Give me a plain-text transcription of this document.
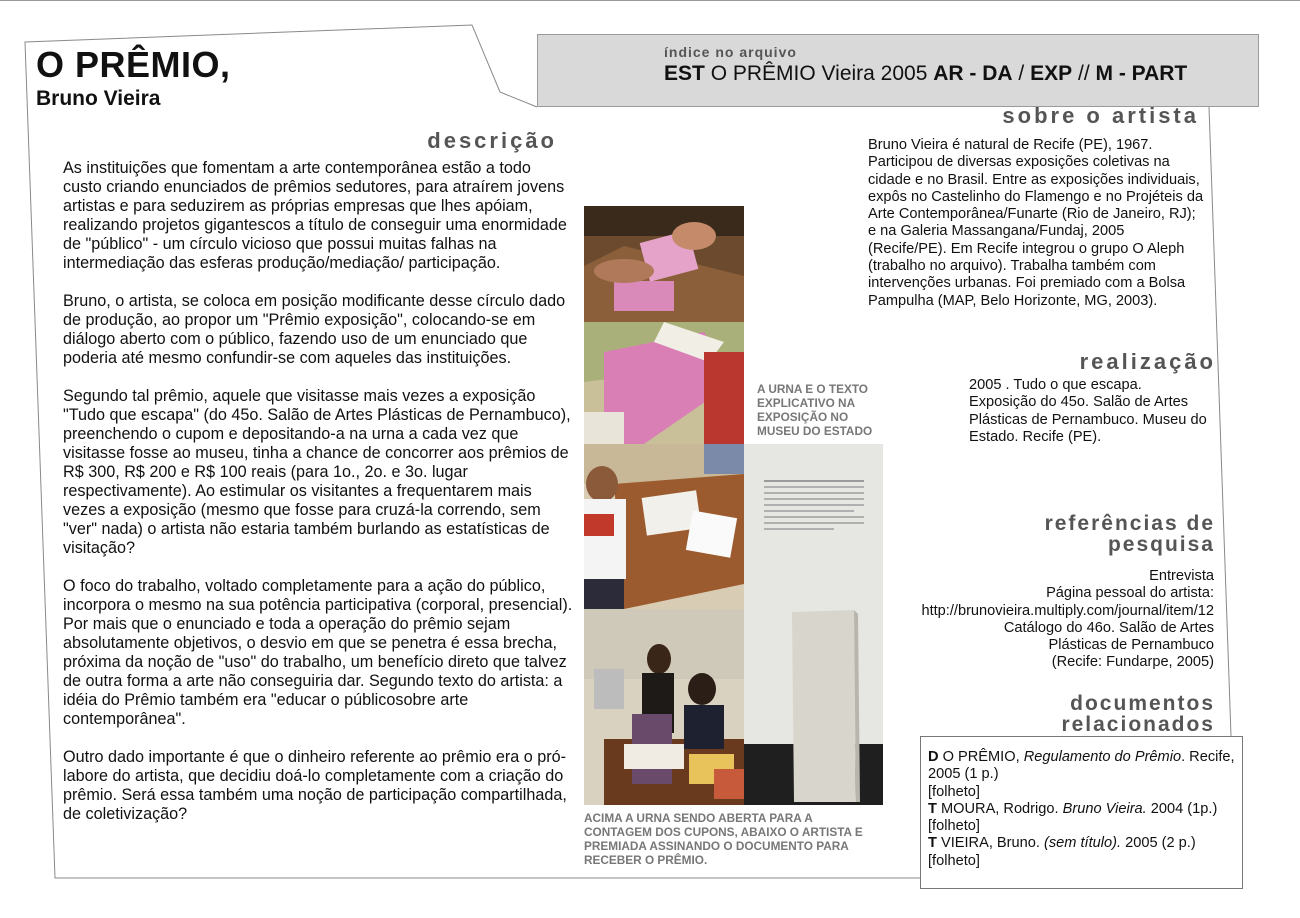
O PRÊMIO,
Bruno Vieira
índice no arquivo
EST O PRÊMIO Vieira 2005 AR - DA / EXP // M - PART
descrição

As instituições que fomentam a arte contemporânea estão a todo custo criando enunciados de prêmios sedutores, para atraírem jovens artistas e para seduzirem as próprias empresas que lhes apóiam, realizando projetos gigantescos a título de conseguir uma enormidade de "público" - um círculo vicioso que possui muitas falhas na intermediação das esferas produção/mediação/ participação.

Bruno, o artista, se coloca em posição modificante desse círculo dado de produção, ao propor um "Prêmio exposição", colocando-se em diálogo aberto com o público, fazendo uso de um enunciado que poderia até mesmo confundir-se com aqueles das instituições.

Segundo tal prêmio, aquele que visitasse mais vezes a exposição "Tudo que escapa" (do 45o. Salão de Artes Plásticas de Pernambuco), preenchendo o cupom e depositando-a na urna a cada vez que visitasse fosse ao museu, tinha a chance de concorrer aos prêmios de R$ 300, R$ 200 e R$ 100 reais (para 1o., 2o. e 3o. lugar respectivamente). Ao estimular os visitantes a frequentarem mais vezes a exposição (mesmo que fosse para cruzá-la correndo, sem "ver" nada) o artista não estaria também burlando as estatísticas de visitação?

O foco do trabalho, voltado completamente para a ação do público, incorpora o mesmo na sua potência participativa (corporal, presencial). Por mais que o enunciado e toda a operação do prêmio sejam absolutamente objetivos, o desvio em que se penetra é essa brecha, próxima da noção de "uso" do trabalho, um benefício direto que talvez de outra forma a arte não conseguiria dar. Segundo texto do artista: a idéia do Prêmio também era "educar o públicosobre arte contemporânea".

Outro dado importante é que o dinheiro referente ao prêmio era o pró-labore do artista, que decidiu doá-lo completamente com a criação do prêmio. Será essa também uma noção de participação compartilhada, de coletivização?

A URNA E O TEXTO EXPLICATIVO NA EXPOSIÇÃO NO MUSEU DO ESTADO
ACIMA A URNA SENDO ABERTA PARA A CONTAGEM DOS CUPONS, ABAIXO O ARTISTA E PREMIADA ASSINANDO O DOCUMENTO PARA RECEBER O PRÊMIO.
sobre o artista
Bruno Vieira é natural de Recife (PE), 1967. Participou de diversas exposições coletivas na cidade e no Brasil. Entre as exposições individuais, expôs no Castelinho do Flamengo e no Projéteis da Arte Contemporânea/Funarte (Rio de Janeiro, RJ); e na Galeria Massangana/Fundaj, 2005 (Recife/PE). Em Recife integrou o grupo O Aleph (trabalho no arquivo). Trabalha também com intervenções urbanas. Foi premiado com a Bolsa Pampulha (MAP, Belo Horizonte, MG, 2003).
realização
2005 . Tudo o que escapa. Exposição do 45o. Salão de Artes Plásticas de Pernambuco. Museu do Estado. Recife (PE).
referências de
pesquisa
Entrevista
Página pessoal do artista:
http://brunovieira.multiply.com/journal/item/12
Catálogo do 46o. Salão de Artes
Plásticas de Pernambuco
(Recife: Fundarpe, 2005)
documentos
relacionados
D O PRÊMIO, Regulamento do Prêmio. Recife, 2005 (1 p.)
[folheto]
T MOURA, Rodrigo. Bruno Vieira. 2004 (1p.)
[folheto]
T VIEIRA, Bruno. (sem título). 2005 (2 p.)
[folheto]
